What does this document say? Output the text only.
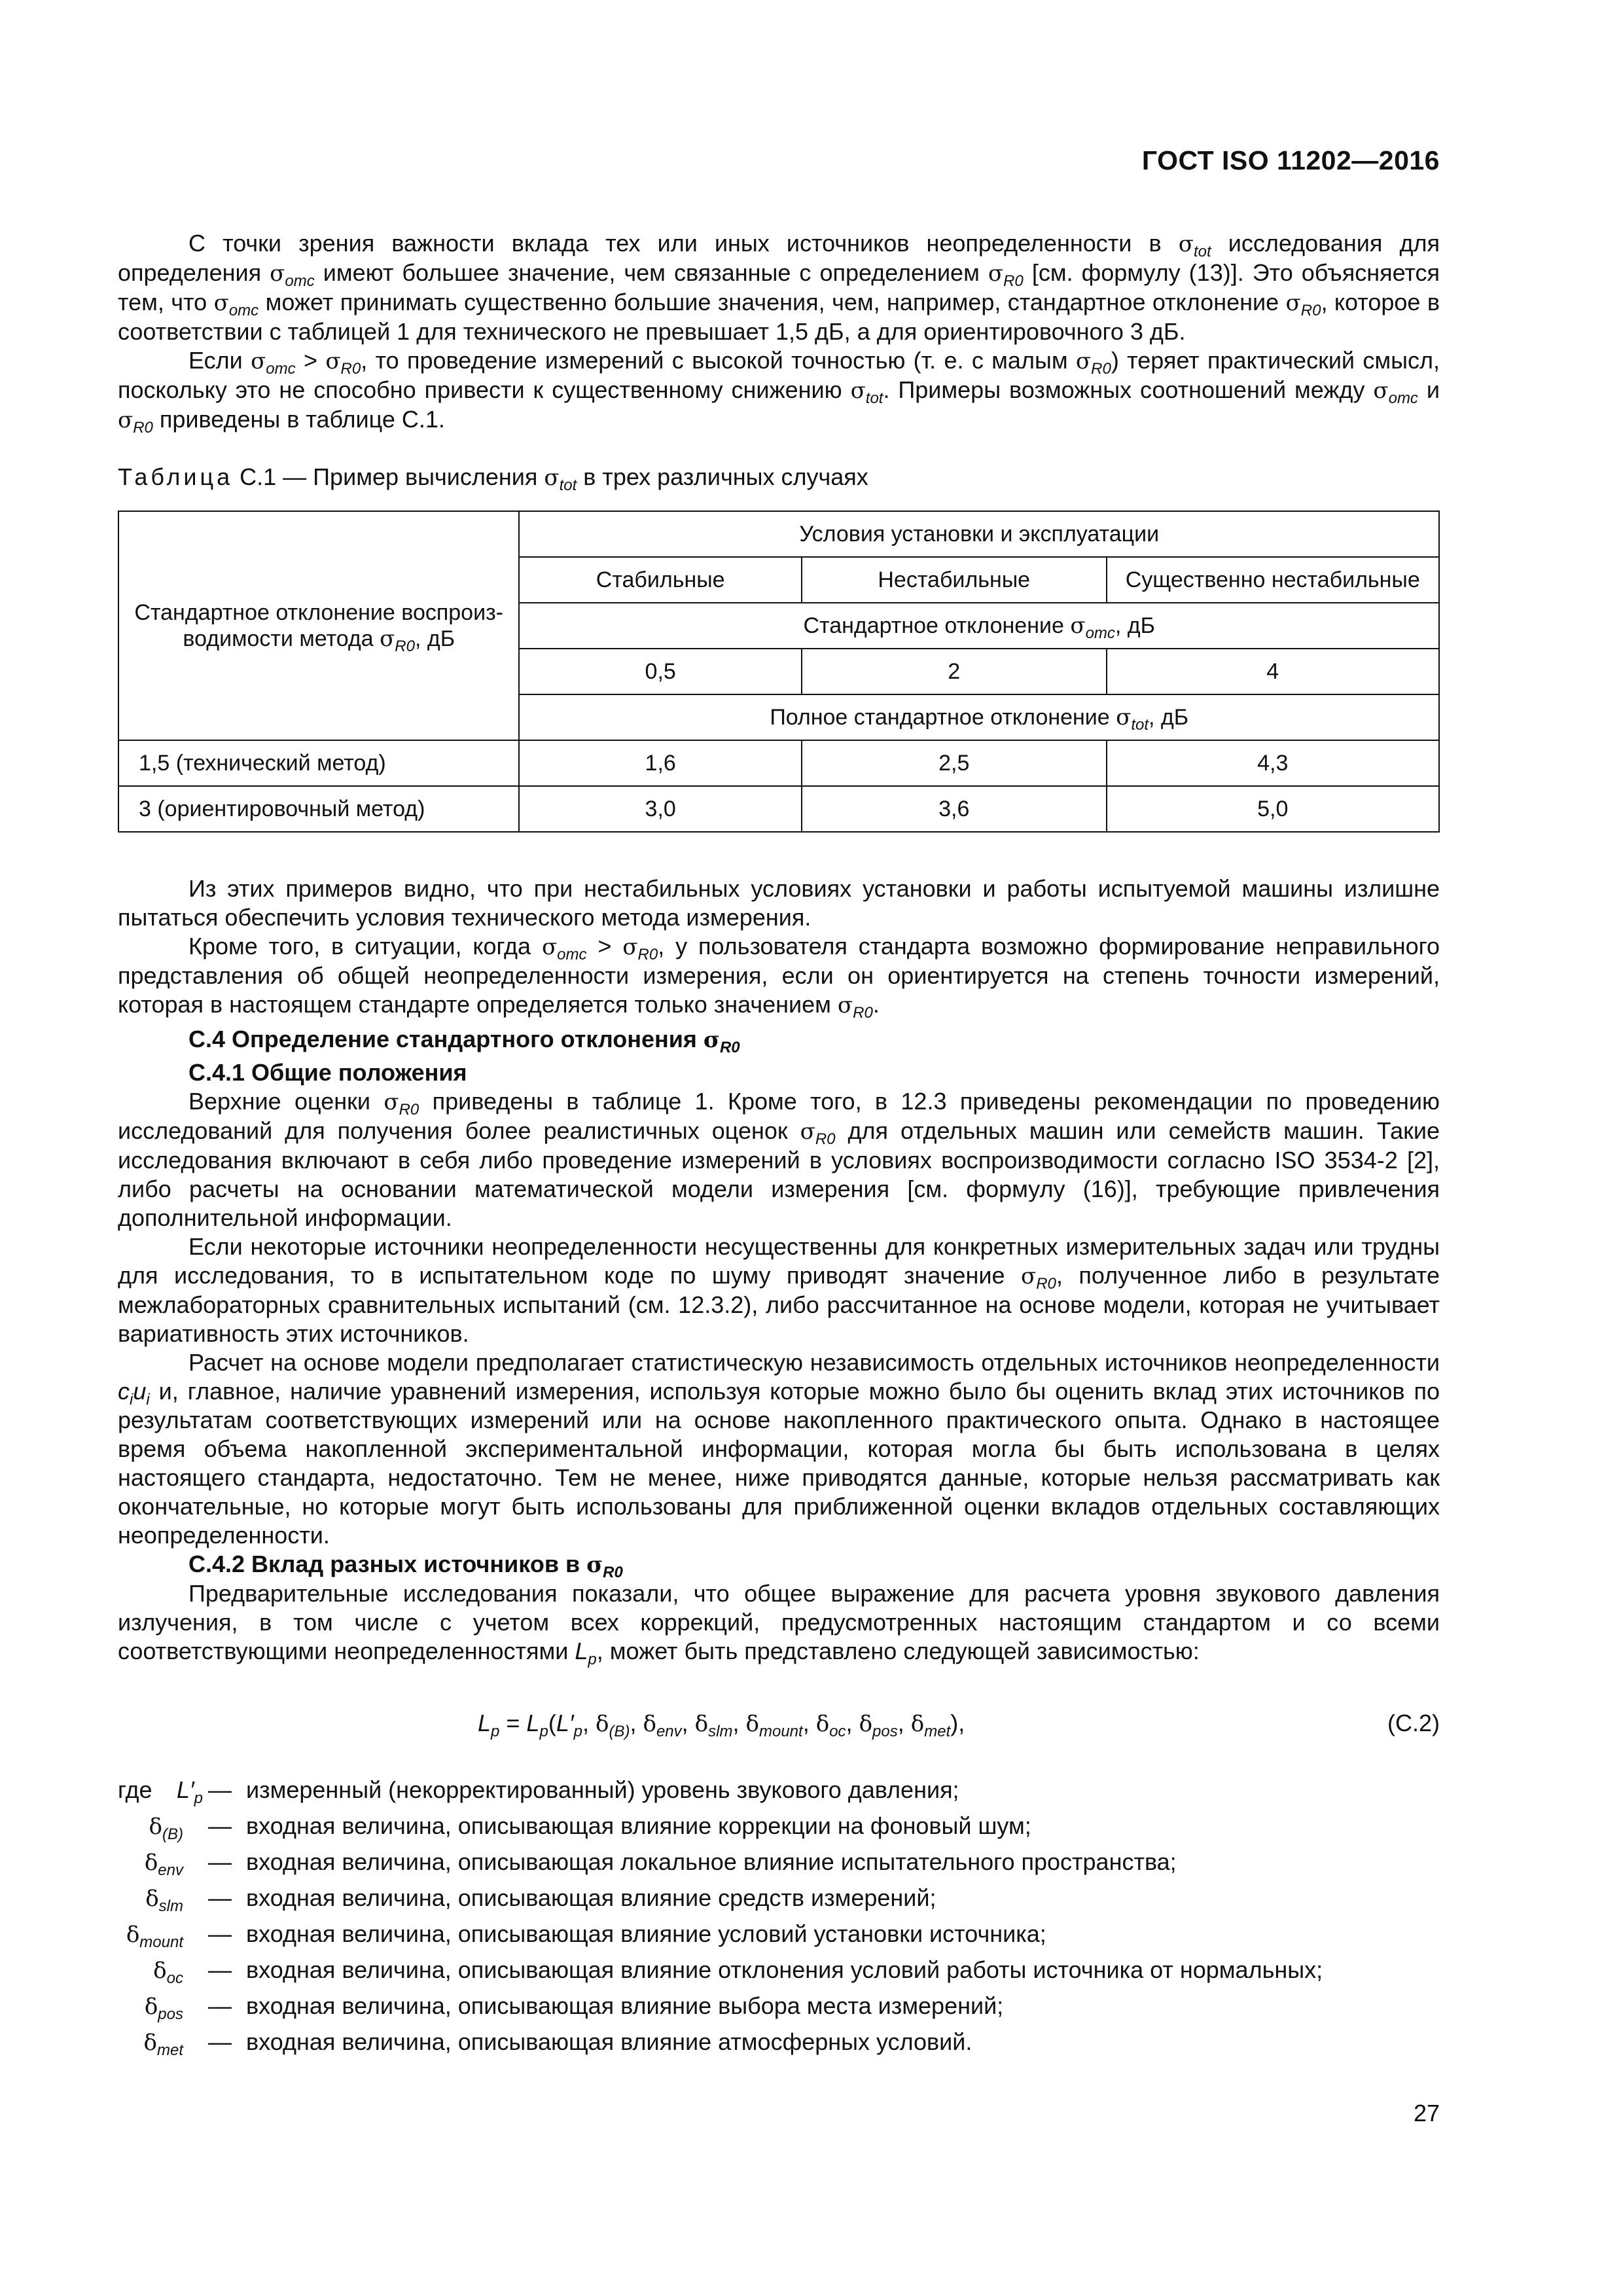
ГОСТ ISO 11202—2016

С точки зрения важности вклада тех или иных источников неопределенности в $\sigma_{tot}$ исследования для определения $\sigma_{omc}$ имеют большее значение, чем связанные с определением $\sigma_{R0}$ [см. формулу (13)]. Это объясняется тем, что $\sigma_{omc}$ может принимать существенно большие значения, чем, например, стандартное отклонение $\sigma_{R0}$, которое в соответствии с таблицей 1 для технического не превышает 1,5 дБ, а для ориентировочного 3 дБ.

Если $\sigma_{omc} > \sigma_{R0}$, то проведение измерений с высокой точностью (т. е. с малым $\sigma_{R0}$) теряет практический смысл, поскольку это не способно привести к существенному снижению $\sigma_{tot}$. Примеры возможных соотношений между $\sigma_{omc}$ и $\sigma_{R0}$ приведены в таблице С.1.

Таблица С.1 — Пример вычисления $\sigma_{tot}$ в трех различных случаях
Стандартное отклонение воспроиз-
водимости метода $\sigma_{R0}$, дБ	Условия установки и эксплуатации		
	Стабильные	Нестабильные	Существенно нестабильные
	Стандартное отклонение $\sigma_{omc}$, дБ		
	0,5	2	4
	Полное стандартное отклонение $\sigma_{tot}$, дБ		
1,5 (технический метод)	1,6	2,5	4,3
3 (ориентировочный метод)	3,0	3,6	5,0

Из этих примеров видно, что при нестабильных условиях установки и работы испытуемой машины излишне пытаться обеспечить условия технического метода измерения.

Кроме того, в ситуации, когда $\sigma_{omc} > \sigma_{R0}$, у пользователя стандарта возможно формирование неправильного представления об общей неопределенности измерения, если он ориентируется на степень точности измерений, которая в настоящем стандарте определяется только значением $\sigma_{R0}$.

С.4 Определение стандартного отклонения $\sigma_{R0}$
С.4.1 Общие положения

Верхние оценки $\sigma_{R0}$ приведены в таблице 1. Кроме того, в 12.3 приведены рекомендации по проведению исследований для получения более реалистичных оценок $\sigma_{R0}$ для отдельных машин или семейств машин. Такие исследования включают в себя либо проведение измерений в условиях воспроизводимости согласно ISO 3534-2 [2], либо расчеты на основании математической модели измерения [см. формулу (16)], требующие привлечения дополнительной информации.

Если некоторые источники неопределенности несущественны для конкретных измерительных задач или трудны для исследования, то в испытательном коде по шуму приводят значение $\sigma_{R0}$, полученное либо в результате межлабораторных сравнительных испытаний (см. 12.3.2), либо рассчитанное на основе модели, которая не учитывает вариативность этих источников.

Расчет на основе модели предполагает статистическую независимость отдельных источников неопределенности $c_iu_i$ и, главное, наличие уравнений измерения, используя которые можно было бы оценить вклад этих источников по результатам соответствующих измерений или на основе накопленного практического опыта. Однако в настоящее время объема накопленной экспериментальной информации, которая могла бы быть использована в целях настоящего стандарта, недостаточно. Тем не менее, ниже приводятся данные, которые нельзя рассматривать как окончательные, но которые могут быть использованы для приближенной оценки вкладов отдельных составляющих неопределенности.

С.4.2 Вклад разных источников в $\sigma_{R0}$

Предварительные исследования показали, что общее выражение для расчета уровня звукового давления излучения, в том числе с учетом всех коррекций, предусмотренных настоящим стандартом и со всеми соответствующими неопределенностями $L_p$, может быть представлено следующей зависимостью:

$L_p = L_p(L'_p$, $\delta_{(B)}$, $\delta_{env}$, $\delta_{slm}$, $\delta_{mount}$, $\delta_{oc}$, $\delta_{pos}$, $\delta_{met}$),	(С.2)
где $L'_p$ — измеренный (некорректированный) уровень звукового давления;
$\delta_{(B)}$ — входная величина, описывающая влияние коррекции на фоновый шум;
$\delta_{env}$ — входная величина, описывающая локальное влияние испытательного пространства;
$\delta_{slm}$ — входная величина, описывающая влияние средств измерений;
$\delta_{mount}$ — входная величина, описывающая влияние условий установки источника;
$\delta_{oc}$ — входная величина, описывающая влияние отклонения условий работы источника от нормальных;
$\delta_{pos}$ — входная величина, описывающая влияние выбора места измерений;
$\delta_{met}$ — входная величина, описывающая влияние атмосферных условий.
27
